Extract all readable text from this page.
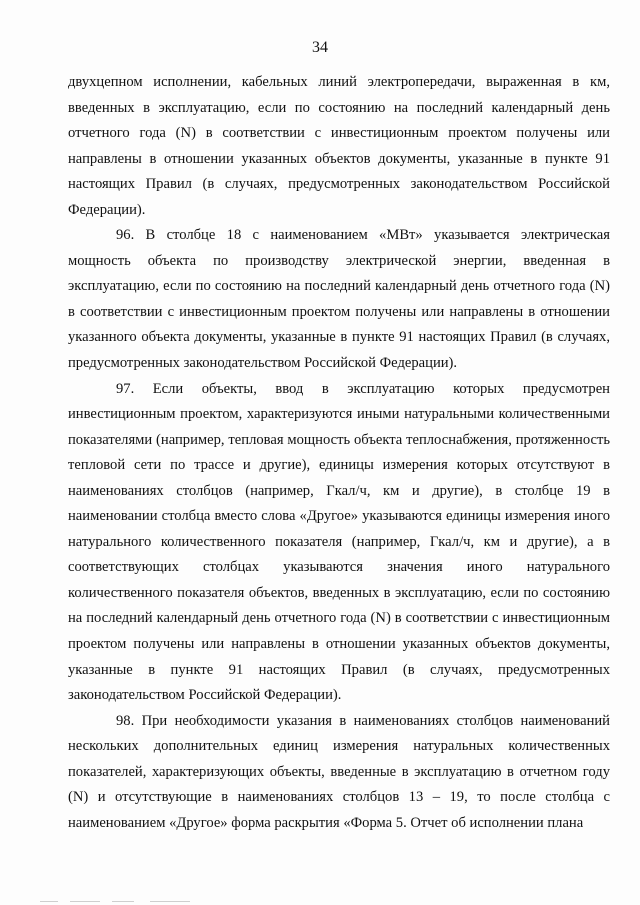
34

двухцепном исполнении, кабельных линий электропередачи, выраженная в км, введенных в эксплуатацию, если по состоянию на последний календарный день отчетного года (N) в соответствии с инвестиционным проектом получены или направлены в отношении указанных объектов документы, указанные в пункте 91 настоящих Правил (в случаях, предусмотренных законодательством Российской Федерации).

96. В столбце 18 с наименованием «МВт» указывается электрическая мощность объекта по производству электрической энергии, введенная в эксплуатацию, если по состоянию на последний календарный день отчетного года (N) в соответствии с инвестиционным проектом получены или направлены в отношении указанного объекта документы, указанные в пункте 91 настоящих Правил (в случаях, предусмотренных законодательством Российской Федерации).

97. Если объекты, ввод в эксплуатацию которых предусмотрен инвестиционным проектом, характеризуются иными натуральными количественными показателями (например, тепловая мощность объекта теплоснабжения, протяженность тепловой сети по трассе и другие), единицы измерения которых отсутствуют в наименованиях столбцов (например, Гкал/ч, км и другие), в столбце 19 в наименовании столбца вместо слова «Другое» указываются единицы измерения иного натурального количественного показателя (например, Гкал/ч, км и другие), а в соответствующих столбцах указываются значения иного натурального количественного показателя объектов, введенных в эксплуатацию, если по состоянию на последний календарный день отчетного года (N) в соответствии с инвестиционным проектом получены или направлены в отношении указанных объектов документы, указанные в пункте 91 настоящих Правил (в случаях, предусмотренных законодательством Российской Федерации).

98. При необходимости указания в наименованиях столбцов наименований нескольких дополнительных единиц измерения натуральных количественных показателей, характеризующих объекты, введенные в эксплуатацию в отчетном году (N) и отсутствующие в наименованиях столбцов 13 – 19, то после столбца с наименованием «Другое» форма раскрытия «Форма 5. Отчет об исполнении плана
